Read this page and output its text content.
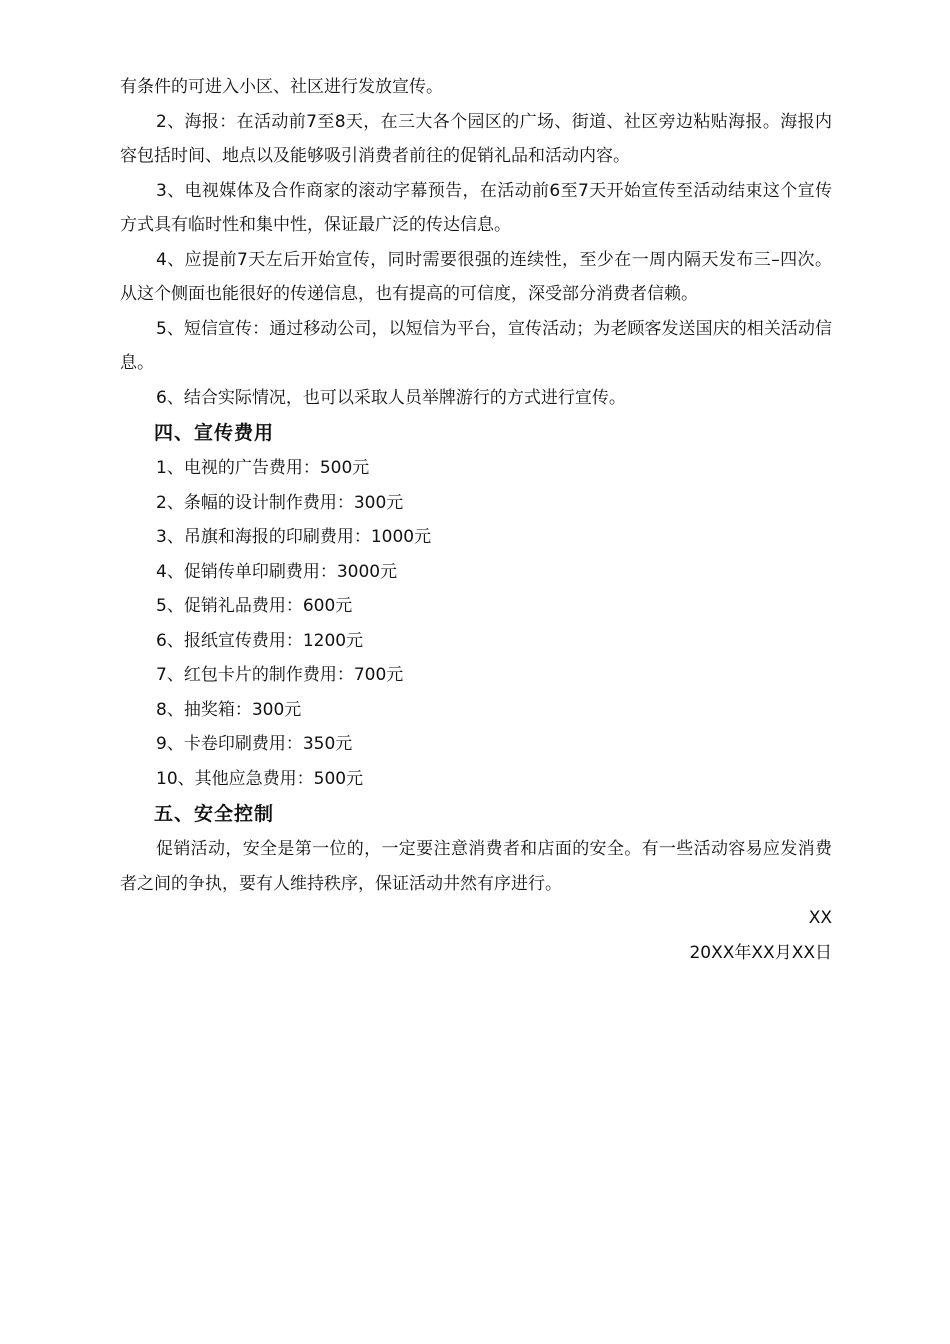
有条件的可进入小区、社区进行发放宣传。

2、海报：在活动前7至8天，在三大各个园区的广场、街道、社区旁边粘贴海报。海报内容包括时间、地点以及能够吸引消费者前往的促销礼品和活动内容。

3、电视媒体及合作商家的滚动字幕预告，在活动前6至7天开始宣传至活动结束这个宣传方式具有临时性和集中性，保证最广泛的传达信息。

4、应提前7天左后开始宣传，同时需要很强的连续性，至少在一周内隔天发布三–四次。从这个侧面也能很好的传递信息，也有提高的可信度，深受部分消费者信赖。

5、短信宣传：通过移动公司，以短信为平台，宣传活动；为老顾客发送国庆的相关活动信息。

6、结合实际情况，也可以采取人员举牌游行的方式进行宣传。

四、宣传费用
1、电视的广告费用：500元
2、条幅的设计制作费用：300元
3、吊旗和海报的印刷费用：1000元
4、促销传单印刷费用：3000元
5、促销礼品费用：600元
6、报纸宣传费用：1200元
7、红包卡片的制作费用：700元
8、抽奖箱：300元
9、卡卷印刷费用：350元
10、其他应急费用：500元
五、安全控制

促销活动，安全是第一位的，一定要注意消费者和店面的安全。有一些活动容易应发消费者之间的争执，要有人维持秩序，保证活动井然有序进行。

XX

20XX年XX月XX日
